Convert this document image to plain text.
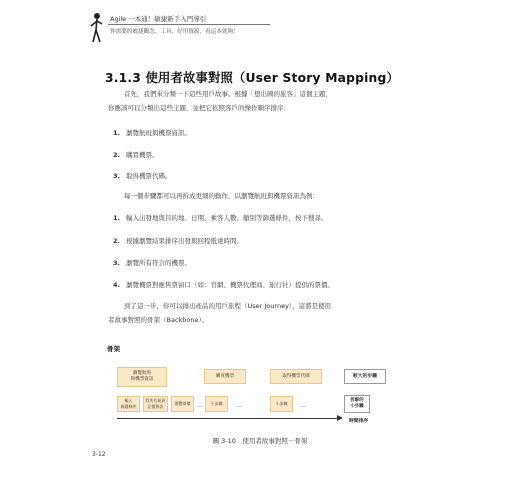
Agile 一本通！敏捷新手入門導引
你需要的敏捷觀念、工具、好用資源，看這本就夠！
3.1.3 使用者故事對照（User Story Mapping）
首先，我們來分類一下這些用戶故事。根據「想出國的旅客」這個主題，
你應該可以分類出這些主題，並把它依照客戶的操作順序排序：
1. 瀏覽航班與機票資訊。
2. 購買機票。
3. 取得機票代碼。
每一個步驟都可以再拆成更細的動作，以瀏覽航班與機票資訊為例：
1. 輸入出發地與目的地、日期、乘客人數、艙別等篩選條件，按下搜尋。
2. 根據瀏覽結果排序出發與回程抵達時間。
3. 瀏覽所有符合的機票。
4. 瀏覽機票對應售票窗口（如：官網、機票代理商、旅行社）提供的票價。
到了這一步，你可以排出產品的用戶旅程（User Journey），這將是使用
者故事對照的骨架（Backbone）。
骨架
瀏覽航班
與機票資訊
購買機票	取得機票代碼	較大的步驟
輸入
篩選條件
對所有航班
記價資訊
瀏覽票價	…	小步驟	…	小步驟	…
拆解的
小步驟
時間排序
圖 3-10　使用者故事對照－骨架
3-12
